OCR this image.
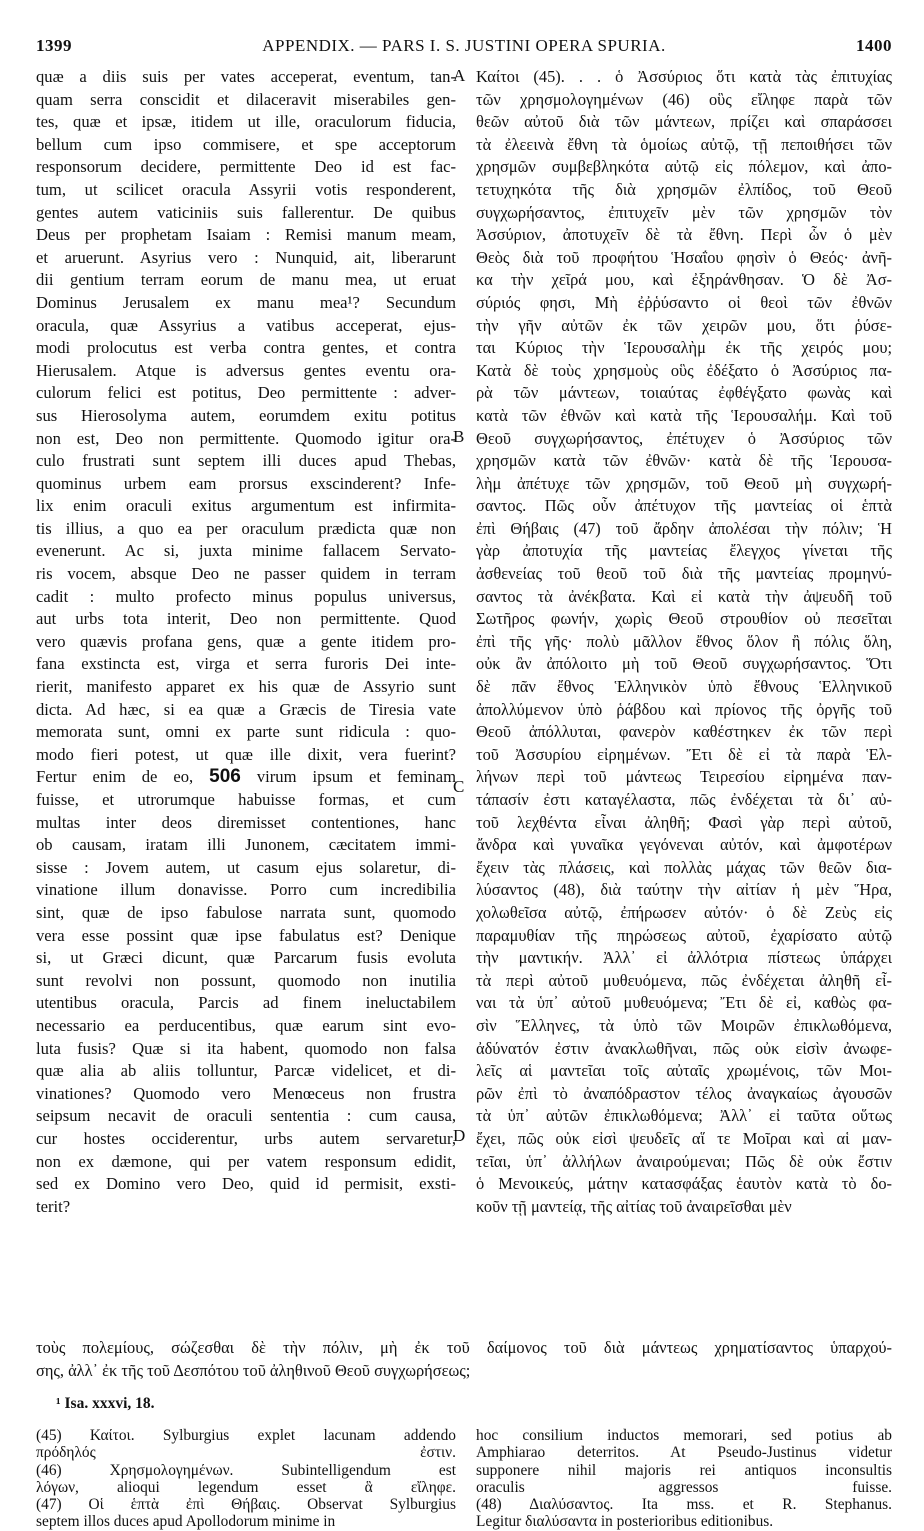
1399	APPENDIX. — PARS I. S. JUSTINI OPERA SPURIA.	1400
quæ a diis suis per vates acceperat, eventum, tan-
quam serra conscidit et dilaceravit miserabiles gen-
tes, quæ et ipsæ, itidem ut ille, oraculorum fiducia,
bellum cum ipso commisere, et spe acceptorum
responsorum decidere, permittente Deo id est fac-
tum, ut scilicet oracula Assyrii votis responderent,
gentes autem vaticiniis suis fallerentur. De quibus
Deus per prophetam Isaiam : Remisi manum meam,
et aruerunt. Asyrius vero : Nunquid, ait, liberarunt
dii gentium terram eorum de manu mea, ut eruat
Dominus Jerusalem ex manu mea¹? Secundum
oracula, quæ Assyrius a vatibus acceperat, ejus-
modi prolocutus est verba contra gentes, et contra
Hierusalem. Atque is adversus gentes eventu ora-
culorum felici est potitus, Deo permittente : adver-
sus Hierosolyma autem, eorumdem exitu potitus
non est, Deo non permittente. Quomodo igitur ora-
culo frustrati sunt septem illi duces apud Thebas,
quominus urbem eam prorsus exscinderent? Infe-
lix enim oraculi exitus argumentum est infirmita-
tis illius, a quo ea per oraculum prædicta quæ non
evenerunt. Ac si, juxta minime fallacem Servato-
ris vocem, absque Deo ne passer quidem in terram
cadit : multo profecto minus populus universus,
aut urbs tota interit, Deo non permittente. Quod
vero quævis profana gens, quæ a gente itidem pro-
fana exstincta est, virga et serra furoris Dei inte-
rierit, manifesto apparet ex his quæ de Assyrio sunt
dicta. Ad hæc, si ea quæ a Græcis de Tiresia vate
memorata sunt, omni ex parte sunt ridicula : quo-
modo fieri potest, ut quæ ille dixit, vera fuerint?
Fertur enim de eo, 506 virum ipsum et feminam
fuisse, et utrorumque habuisse formas, et cum
multas inter deos diremisset contentiones, hanc
ob causam, iratam illi Junonem, cæcitatem immi-
sisse : Jovem autem, ut casum ejus solaretur, di-
vinatione illum donavisse. Porro cum incredibilia
sint, quæ de ipso fabulose narrata sunt, quomodo
vera esse possint quæ ipse fabulatus est? Denique
si, ut Græci dicunt, quæ Parcarum fusis evoluta
sunt revolvi non possunt, quomodo non inutilia
utentibus oracula, Parcis ad finem ineluctabilem
necessario ea perducentibus, quæ earum sint evo-
luta fusis? Quæ si ita habent, quomodo non falsa
quæ alia ab aliis tolluntur, Parcæ videlicet, et di-
vinationes? Quomodo vero Menœceus non frustra
seipsum necavit de oraculi sententia : cum causa,
cur hostes occiderentur, urbs autem servaretur,
non ex dæmone, qui per vatem responsum edidit,
sed ex Domino vero Deo, quid id permisit, exsti-
terit?
Καίτοι (45). . . ὁ Ἀσσύριος ὅτι κατὰ τὰς ἐπιτυχίας
τῶν χρησμολογημένων (46) οὓς εἴληφε παρὰ τῶν
θεῶν αὐτοῦ διὰ τῶν μάντεων, πρίζει καὶ σπαράσσει
τὰ ἐλεεινὰ ἔθνη τὰ ὁμοίως αὐτῷ, τῇ πεποιθήσει τῶν
χρησμῶν συμβεβληκότα αὐτῷ εἰς πόλεμον, καὶ ἀπο-
τετυχηκότα τῆς διὰ χρησμῶν ἐλπίδος, τοῦ Θεοῦ
συγχωρήσαντος, ἐπιτυχεῖν μὲν τῶν χρησμῶν τὸν
Ἀσσύριον, ἀποτυχεῖν δὲ τὰ ἔθνη. Περὶ ὧν ὁ μὲν
Θεὸς διὰ τοῦ προφήτου Ἡσαΐου φησὶν ὁ Θεός· ἀνῆ-
κα τὴν χεῖρά μου, καὶ ἐξηράνθησαν. Ὁ δὲ Ἀσ-
σύριός φησι, Μὴ ἐῤῥύσαντο οἱ θεοὶ τῶν ἐθνῶν
τὴν γῆν αὐτῶν ἐκ τῶν χειρῶν μου, ὅτι ῥύσε-
ται Κύριος τὴν Ἱερουσαλὴμ ἐκ τῆς χειρός μου;
Κατὰ δὲ τοὺς χρησμοὺς οὓς ἐδέξατο ὁ Ἀσσύριος πα-
ρὰ τῶν μάντεων, τοιαύτας ἐφθέγξατο φωνὰς καὶ
κατὰ τῶν ἐθνῶν καὶ κατὰ τῆς Ἱερουσαλήμ. Καὶ τοῦ
Θεοῦ συγχωρήσαντος, ἐπέτυχεν ὁ Ἀσσύριος τῶν
χρησμῶν κατὰ τῶν ἐθνῶν· κατὰ δὲ τῆς Ἱερουσα-
λὴμ ἀπέτυχε τῶν χρησμῶν, τοῦ Θεοῦ μὴ συγχωρή-
σαντος. Πῶς οὖν ἀπέτυχον τῆς μαντείας οἱ ἑπτὰ
ἐπὶ Θήβαις (47) τοῦ ἄρδην ἀπολέσαι τὴν πόλιν; Ἡ
γὰρ ἀποτυχία τῆς μαντείας ἔλεγχος γίνεται τῆς
ἀσθενείας τοῦ θεοῦ τοῦ διὰ τῆς μαντείας προμηνύ-
σαντος τὰ ἀνέκβατα. Καὶ εἰ κατὰ τὴν ἀψευδῆ τοῦ
Σωτῆρος φωνήν, χωρὶς Θεοῦ στρουθίον οὐ πεσεῖται
ἐπὶ τῆς γῆς· πολὺ μᾶλλον ἔθνος ὅλον ἢ πόλις ὅλη,
οὐκ ἂν ἀπόλοιτο μὴ τοῦ Θεοῦ συγχωρήσαντος. Ὅτι
δὲ πᾶν ἔθνος Ἑλληνικὸν ὑπὸ ἔθνους Ἑλληνικοῦ
ἀπολλύμενον ὑπὸ ῥάβδου καὶ πρίονος τῆς ὀργῆς τοῦ
Θεοῦ ἀπόλλυται, φανερὸν καθέστηκεν ἐκ τῶν περὶ
τοῦ Ἀσσυρίου εἰρημένων. Ἔτι δὲ εἰ τὰ παρὰ Ἑλ-
λήνων περὶ τοῦ μάντεως Τειρεσίου εἰρημένα παν-
τάπασίν ἐστι καταγέλαστα, πῶς ἐνδέχεται τὰ δι᾽ αὐ-
τοῦ λεχθέντα εἶναι ἀληθῆ; Φασὶ γὰρ περὶ αὐτοῦ,
ἄνδρα καὶ γυναῖκα γεγόνεναι αὐτόν, καὶ ἀμφοτέρων
ἔχειν τὰς πλάσεις, καὶ πολλὰς μάχας τῶν θεῶν δια-
λύσαντος (48), διὰ ταύτην τὴν αἰτίαν ἡ μὲν Ἥρα,
χολωθεῖσα αὐτῷ, ἐπήρωσεν αὐτόν· ὁ δὲ Ζεὺς εἰς
παραμυθίαν τῆς πηρώσεως αὐτοῦ, ἐχαρίσατο αὐτῷ
τὴν μαντικήν. Ἀλλ᾽ εἰ ἀλλότρια πίστεως ὑπάρχει
τὰ περὶ αὐτοῦ μυθευόμενα, πῶς ἐνδέχεται ἀληθῆ εἶ-
ναι τὰ ὑπ᾽ αὐτοῦ μυθευόμενα; Ἔτι δὲ εἰ, καθὼς φα-
σὶν Ἕλληνες, τὰ ὑπὸ τῶν Μοιρῶν ἐπικλωθόμενα,
ἀδύνατόν ἐστιν ἀνακλωθῆναι, πῶς οὐκ εἰσὶν ἀνωφε-
λεῖς αἱ μαντεῖαι τοῖς αὐταῖς χρωμένοις, τῶν Μοι-
ρῶν ἐπὶ τὸ ἀναπόδραστον τέλος ἀναγκαίως ἀγουσῶν
τὰ ὑπ᾽ αὐτῶν ἐπικλωθόμενα; Ἀλλ᾽ εἰ ταῦτα οὕτως
ἔχει, πῶς οὐκ εἰσὶ ψευδεῖς αἵ τε Μοῖραι καὶ αἱ μαν-
τεῖαι, ὑπ᾽ ἀλλήλων ἀναιρούμεναι; Πῶς δὲ οὐκ ἔστιν
ὁ Μενοικεύς, μάτην κατασφάξας ἑαυτὸν κατὰ τὸ δο-
κοῦν τῇ μαντείᾳ, τῆς αἰτίας τοῦ ἀναιρεῖσθαι μὲν
A
B
C
D
τοὺς πολεμίους, σώζεσθαι δὲ τὴν πόλιν, μὴ ἐκ τοῦ δαίμονος τοῦ διὰ μάντεως χρηματίσαντος ὑπαρχού-
σης, ἀλλ᾽ ἐκ τῆς τοῦ Δεσπότου τοῦ ἀληθινοῦ Θεοῦ συγχωρήσεως;
¹ Isa. xxxvi, 18.
(45) Καίτοι. Sylburgius explet lacunam addendo
πρόδηλός ἐστιν.
(46) Χρησμολογημένων. Subintelligendum est
λόγων, alioqui legendum esset ἃ εἴληφε.
(47) Οἱ ἑπτὰ ἐπὶ Θήβαις. Observat Sylburgius
septem illos duces apud Apollodorum minime in
hoc consilium inductos memorari, sed potius ab
Amphiarao deterritos. At Pseudo-Justinus videtur
supponere nihil majoris rei antiquos inconsultis
oraculis aggressos fuisse.
(48) Διαλύσαντος. Ita mss. et R. Stephanus.
Legitur διαλύσαντα in posterioribus editionibus.
